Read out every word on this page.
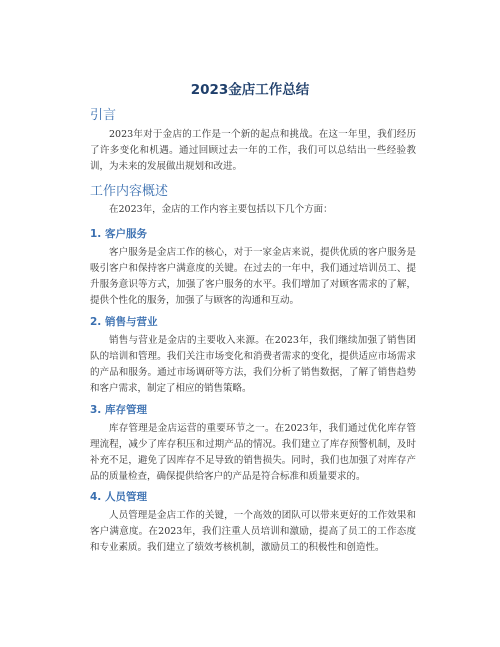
2023金店工作总结
引言
2023年对于金店的工作是一个新的起点和挑战。在这一年里，我们经历了许多变化和机遇。通过回顾过去一年的工作，我们可以总结出一些经验教训，为未来的发展做出规划和改进。
工作内容概述
在2023年，金店的工作内容主要包括以下几个方面：
1. 客户服务
客户服务是金店工作的核心，对于一家金店来说，提供优质的客户服务是吸引客户和保持客户满意度的关键。在过去的一年中，我们通过培训员工、提升服务意识等方式，加强了客户服务的水平。我们增加了对顾客需求的了解，提供个性化的服务，加强了与顾客的沟通和互动。
2. 销售与营业
销售与营业是金店的主要收入来源。在2023年，我们继续加强了销售团队的培训和管理。我们关注市场变化和消费者需求的变化，提供适应市场需求的产品和服务。通过市场调研等方法，我们分析了销售数据，了解了销售趋势和客户需求，制定了相应的销售策略。
3. 库存管理
库存管理是金店运营的重要环节之一。在2023年，我们通过优化库存管理流程，减少了库存积压和过期产品的情况。我们建立了库存预警机制，及时补充不足，避免了因库存不足导致的销售损失。同时，我们也加强了对库存产品的质量检查，确保提供给客户的产品是符合标准和质量要求的。
4. 人员管理
人员管理是金店工作的关键，一个高效的团队可以带来更好的工作效果和客户满意度。在2023年，我们注重人员培训和激励，提高了员工的工作态度和专业素质。我们建立了绩效考核机制，激励员工的积极性和创造性。
